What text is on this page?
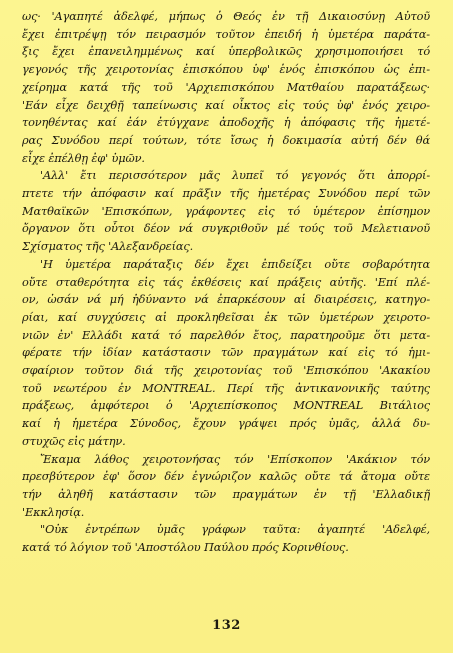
ως· 'Αγαπητέ ἀδελφέ, μήπως ὁ Θεός ἐν τῇ Δικαιοσύνῃ Αὐτοῦ
ἔχει ἐπιτρέψῃ τόν πειρασμόν τοῦτον ἐπειδή ἡ ὑμετέρα παράτα-
ξις ἔχει ἐπανειλημμένως καί ὑπερβολικῶς χρησιμοποιήσει τό
γεγονός τῆς χειροτονίας ἐπισκόπου ὑφ' ἑνός ἐπισκόπου ὡς ἐπι-
χείρημα κατά τῆς τοῦ 'Αρχιεπισκόπου Ματθαίου παρατάξεως·
'Εάν εἶχε δειχθῇ ταπείνωσις καί οἶκτος εἰς τούς ὑφ' ἑνός χειρο-
τονηθέντας καί ἐάν ἐτύγχανε ἀποδοχῆς ἡ ἀπόφασις τῆς ἡμετέ-
ρας Συνόδου περί τούτων, τότε ἴσως ἡ δοκιμασία αὐτή δέν θά
εἶχε ἐπέλθῃ ἐφ' ὑμῶν.

'Αλλ' ἔτι περισσότερον μᾶς λυπεῖ τό γεγονός ὅτι ἀπορρί-
πτετε τήν ἀπόφασιν καί πρᾶξιν τῆς ἡμετέρας Συνόδου περί τῶν
Ματθαϊκῶν 'Επισκόπων, γράφοντες εἰς τό ὑμέτερον ἐπίσημον
ὄργανον ὅτι οὗτοι δέον νά συγκριθοῦν μέ τούς τοῦ Μελετιανοῦ
Σχίσματος τῆς 'Αλεξανδρείας.

'Η ὑμετέρα παράταξις δέν ἔχει ἐπιδείξει οὔτε σοβαρότητα
οὔτε σταθερότητα εἰς τάς ἐκθέσεις καί πράξεις αὐτῆς. 'Επί πλέ-
ον, ὡσάν νά μή ἠδύναντο νά ἐπαρκέσουν αἱ διαιρέσεις, κατηγο-
ρίαι, καί συγχύσεις αἱ προκληθεῖσαι ἐκ τῶν ὑμετέρων χειροτο-
νιῶν ἐν' Ελλάδι κατά τό παρελθόν ἔτος, παρατηροῦμε ὅτι μετα-
φέρατε τήν ἰδίαν κατάστασιν τῶν πραγμάτων καί εἰς τό ἡμι-
σφαίριον τοῦτον διά τῆς χειροτονίας τοῦ 'Επισκόπου 'Ακακίου
τοῦ νεωτέρου ἐν MONTREAL. Περί τῆς ἀντικανονικῆς ταύτης
πράξεως, ἀμφότεροι ὁ 'Αρχιεπίσκοπος MONTREAL Βιτάλιος
καί ἡ ἡμετέρα Σύνοδος, ἔχουν γράψει πρός ὑμᾶς, ἀλλά δυ-
στυχῶς εἰς μάτην.

Ἔκαμα λάθος χειροτονήσας τόν 'Επίσκοπον 'Ακάκιον τόν
πρεσβύτερον ἐφ' ὅσον δέν ἐγνώριζον καλῶς οὔτε τά ἄτομα οὔτε
τήν ἀληθῆ κατάστασιν τῶν πραγμάτων ἐν τῇ 'Ελλαδικῇ
'Εκκλησίᾳ.

"Οὐκ ἐντρέπων ὑμᾶς γράφων ταῦτα: ἀγαπητέ 'Αδελφέ,
κατά τό λόγιον τοῦ 'Αποστόλου Παύλου πρός Κορινθίους.

132
